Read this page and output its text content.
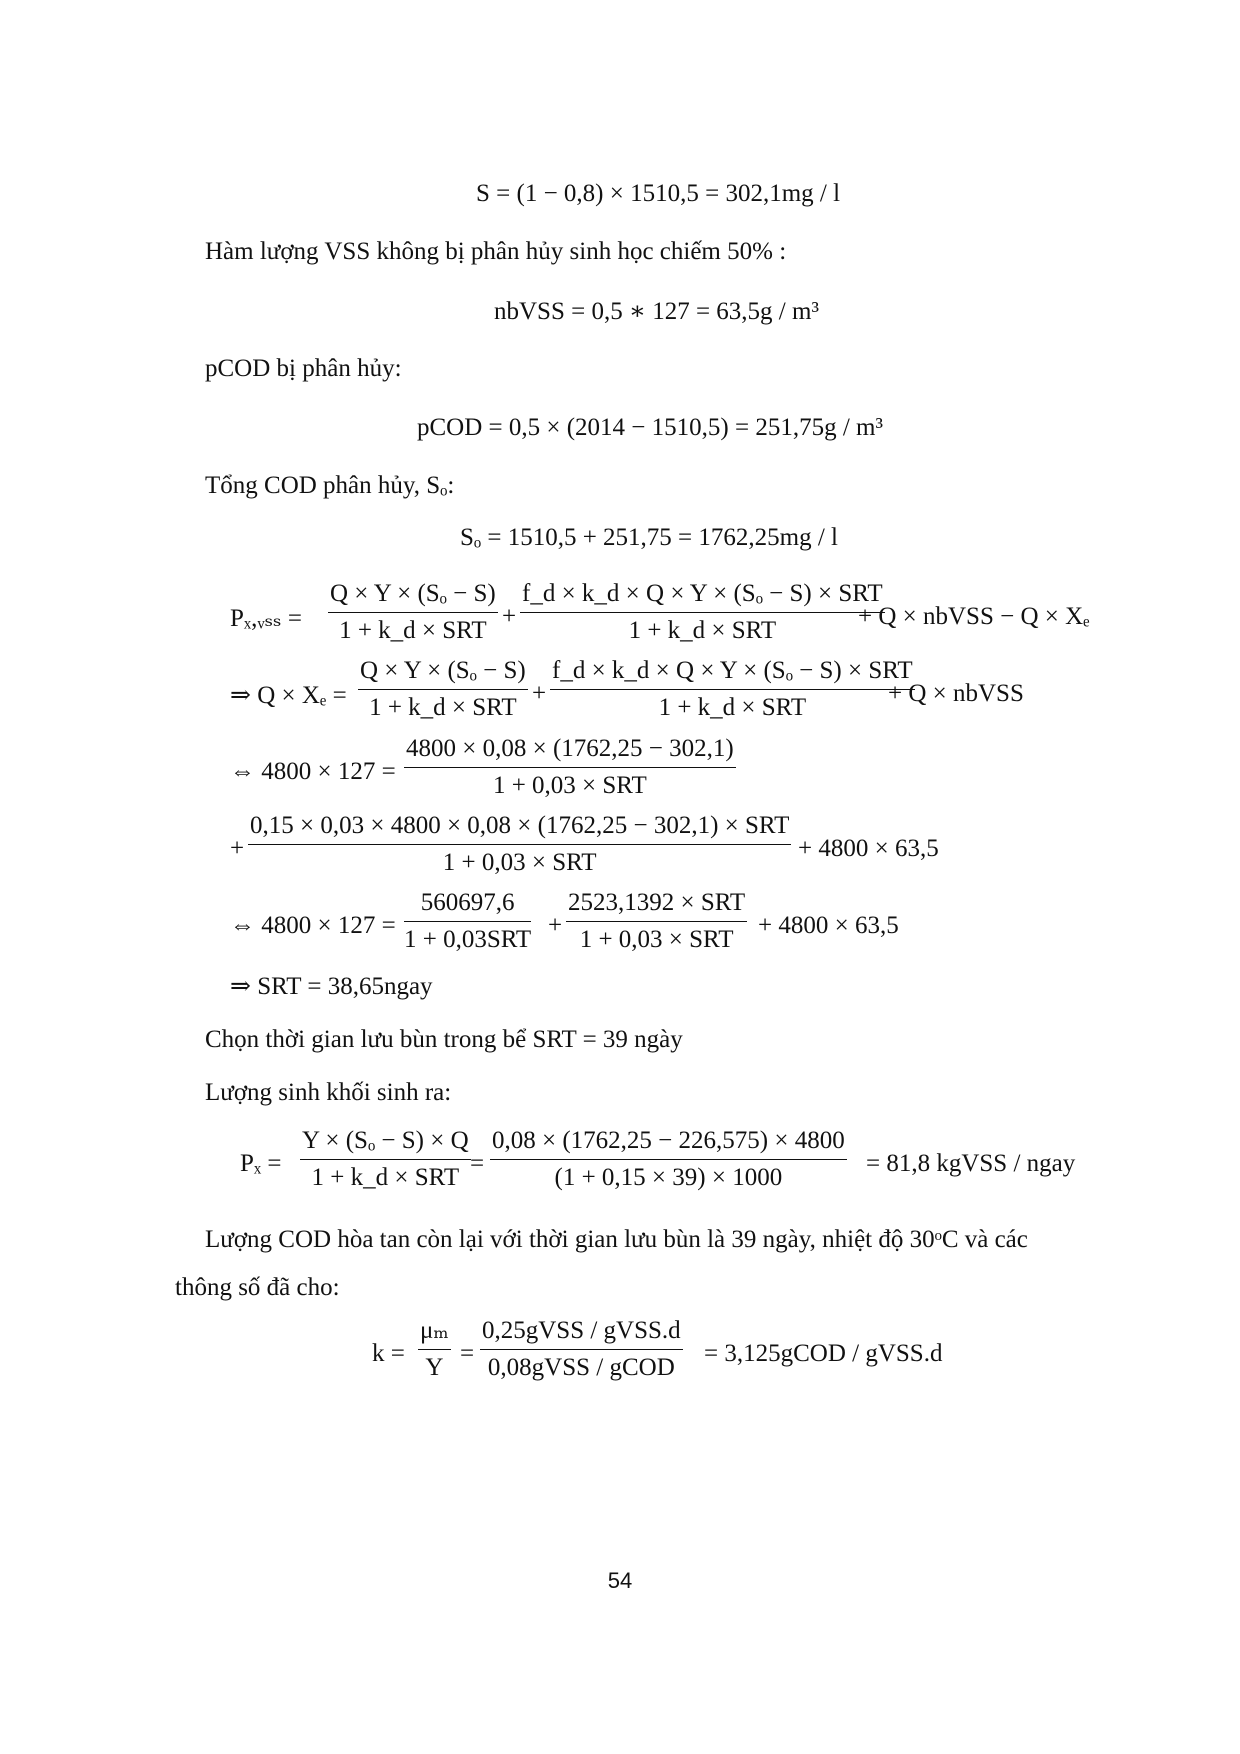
S = (1 − 0,8) × 1510,5 = 302,1mg / l
Hàm lượng VSS không bị phân hủy sinh học chiếm 50% :
nbVSS = 0,5 ∗ 127 = 63,5g / m³
pCOD bị phân hủy:
pCOD = 0,5 × (2014 − 1510,5) = 251,75g / m³
Tổng COD phân hủy, Sₒ:
Sₒ = 1510,5 + 251,75 = 1762,25mg / l
Pₓ,ᵥₛₛ =
Q × Y × (Sₒ − S)
1 + k_d × SRT
+
f_d × k_d × Q × Y × (Sₒ − S) × SRT
1 + k_d × SRT
+ Q × nbVSS − Q × Xₑ
⇒ Q × Xₑ =
Q × Y × (Sₒ − S)
1 + k_d × SRT
+
f_d × k_d × Q × Y × (Sₒ − S) × SRT
1 + k_d × SRT
+ Q × nbVSS
⇔ 4800 × 127 =
4800 × 0,08 × (1762,25 − 302,1)
1 + 0,03 × SRT
+
0,15 × 0,03 × 4800 × 0,08 × (1762,25 − 302,1) × SRT
1 + 0,03 × SRT
+ 4800 × 63,5
⇔ 4800 × 127 =
560697,6
1 + 0,03SRT
+
2523,1392 × SRT
1 + 0,03 × SRT
+ 4800 × 63,5
⇒ SRT = 38,65ngay
Chọn thời gian lưu bùn trong bể SRT = 39 ngày
Lượng sinh khối sinh ra:
Pₓ =
Y × (Sₒ − S) × Q
1 + k_d × SRT
= $\frac{0,08 \times (1762,25 - 226,575) \times 4800}{(1 + 0,15 \times 39) \times 1000} = 81,8$ kgVSS / ngay
Lượng COD hòa tan còn lại với thời gian lưu bùn là 39 ngày, nhiệt độ 30ᵒC và các
thông số đã cho:
$k = \frac{\text{μₘ}}{Y}$ =
0,25gVSS / gVSS.d
0,08gVSS / gCOD
= 3,125gCOD / gVSS.d
54
